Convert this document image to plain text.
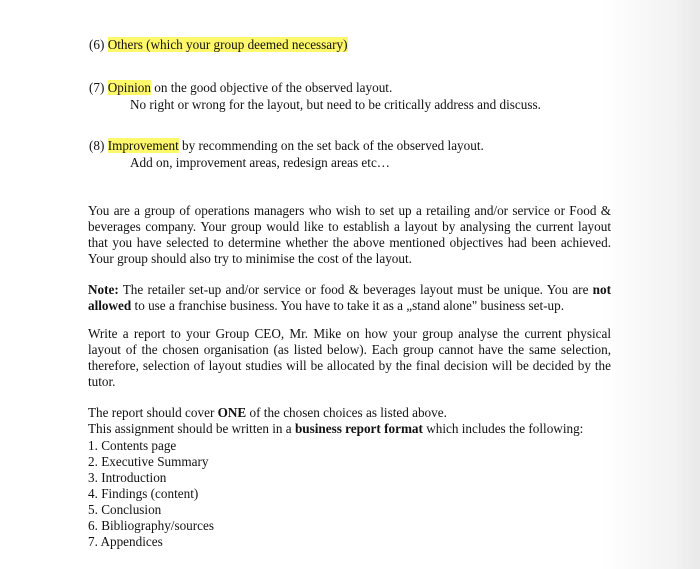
(6) Others (which your group deemed necessary)
(7) Opinion on the good objective of the observed layout.
No right or wrong for the layout, but need to be critically address and discuss.
(8) Improvement by recommending on the set back of the observed layout.
Add on, improvement areas, redesign areas etc…
You are a group of operations managers who wish to set up a retailing and/or service or Food & beverages company. Your group would like to establish a layout by analysing the current layout that you have selected to determine whether the above mentioned objectives had been achieved. Your group should also try to minimise the cost of the layout.
Note: The retailer set-up and/or service or food & beverages layout must be unique. You are not allowed to use a franchise business. You have to take it as a „stand alone" business set-up.
Write a report to your Group CEO, Mr. Mike on how your group analyse the current physical layout of the chosen organisation (as listed below). Each group cannot have the same selection, therefore, selection of layout studies will be allocated by the final decision will be decided by the tutor.
The report should cover ONE of the chosen choices as listed above.
This assignment should be written in a business report format which includes the following:
1. Contents page
2. Executive Summary
3. Introduction
4. Findings (content)
5. Conclusion
6. Bibliography/sources
7. Appendices
